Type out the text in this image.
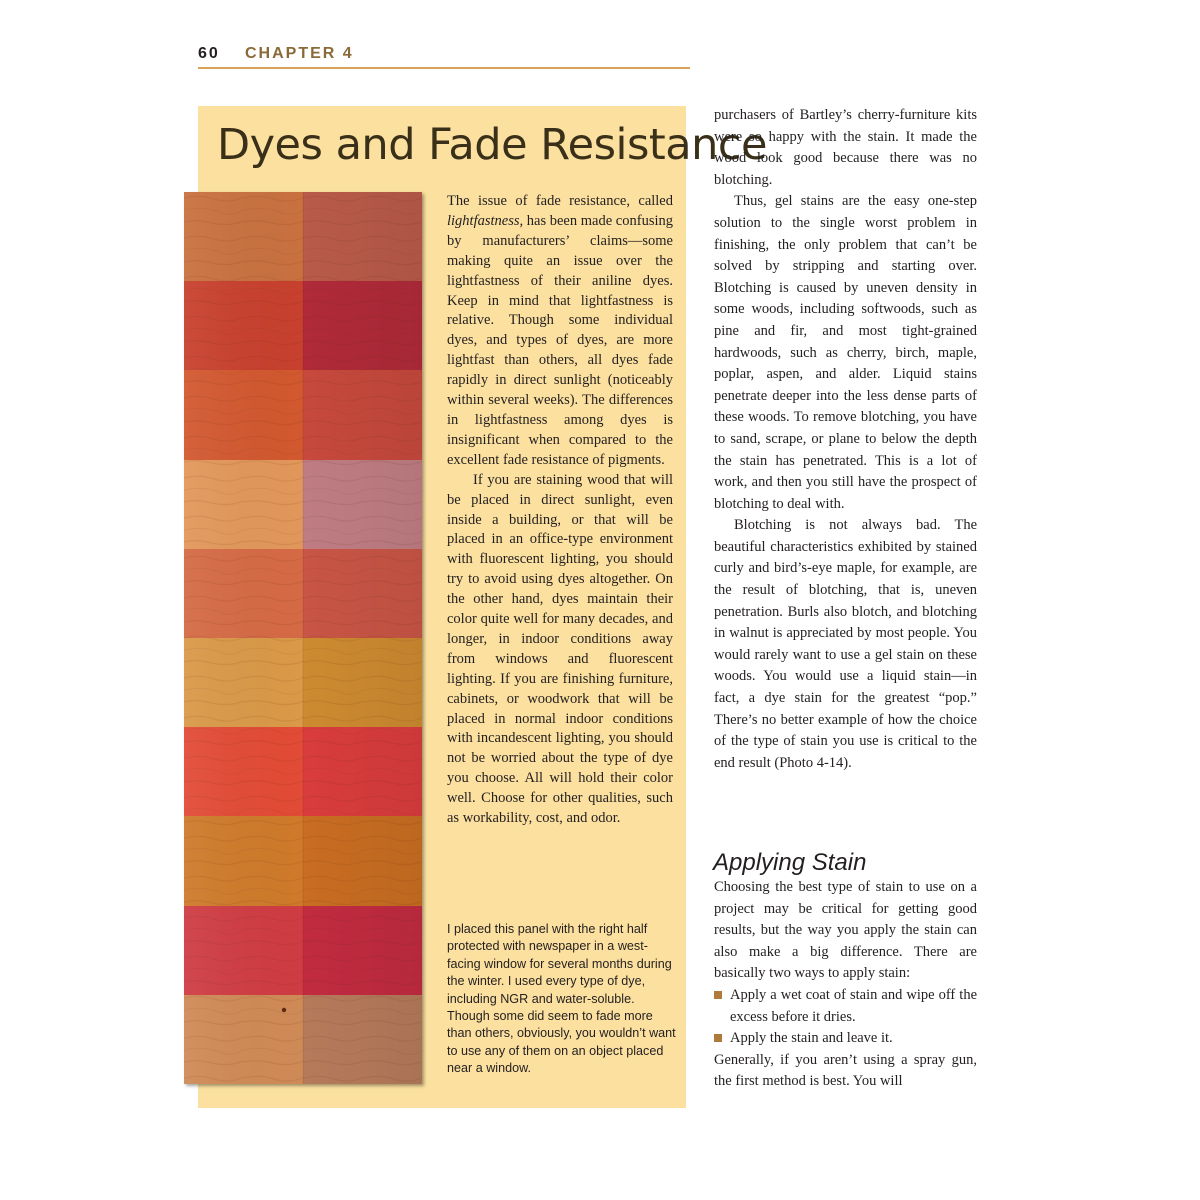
60 CHAPTER 4
Dyes and Fade Resistance

The issue of fade resistance, called lightfastness, has been made confusing by manufacturers’ claims—some making quite an issue over the lightfastness of their aniline dyes. Keep in mind that lightfastness is relative. Though some individual dyes, and types of dyes, are more lightfast than others, all dyes fade rapidly in direct sunlight (noticeably within several weeks). The differences in lightfastness among dyes is insignificant when compared to the excellent fade resistance of pigments.

If you are staining wood that will be placed in direct sunlight, even inside a building, or that will be placed in an office-type environment with fluorescent lighting, you should try to avoid using dyes altogether. On the other hand, dyes maintain their color quite well for many decades, and longer, in indoor conditions away from windows and fluorescent lighting. If you are finishing furniture, cabinets, or woodwork that will be placed in normal indoor conditions with incandescent lighting, you should not be worried about the type of dye you choose. All will hold their color well. Choose for other qualities, such as workability, cost, and odor.

I placed this panel with the right half protected with newspaper in a west-facing window for several months during the winter. I used every type of dye, including NGR and water-soluble. Though some did seem to fade more than others, obviously, you wouldn’t want to use any of them on an object placed near a window.

purchasers of Bartley’s cherry-furniture kits were so happy with the stain. It made the wood look good because there was no blotching.

Thus, gel stains are the easy one-step solution to the single worst problem in finishing, the only problem that can’t be solved by stripping and starting over. Blotching is caused by uneven density in some woods, including softwoods, such as pine and fir, and most tight-grained hardwoods, such as cherry, birch, maple, poplar, aspen, and alder. Liquid stains penetrate deeper into the less dense parts of these woods. To remove blotching, you have to sand, scrape, or plane to below the depth the stain has penetrated. This is a lot of work, and then you still have the prospect of blotching to deal with.

Blotching is not always bad. The beautiful characteristics exhibited by stained curly and bird’s-eye maple, for example, are the result of blotching, that is, uneven penetration. Burls also blotch, and blotching in walnut is appreciated by most people. You would rarely want to use a gel stain on these woods. You would use a liquid stain—in fact, a dye stain for the greatest “pop.” There’s no better example of how the choice of the type of stain you use is critical to the end result (Photo 4-14).

Applying Stain

Choosing the best type of stain to use on a project may be critical for getting good results, but the way you apply the stain can also make a big difference. There are basically two ways to apply stain:

Apply a wet coat of stain and wipe off the excess before it dries.
Apply the stain and leave it.

Generally, if you aren’t using a spray gun, the first method is best. You will
